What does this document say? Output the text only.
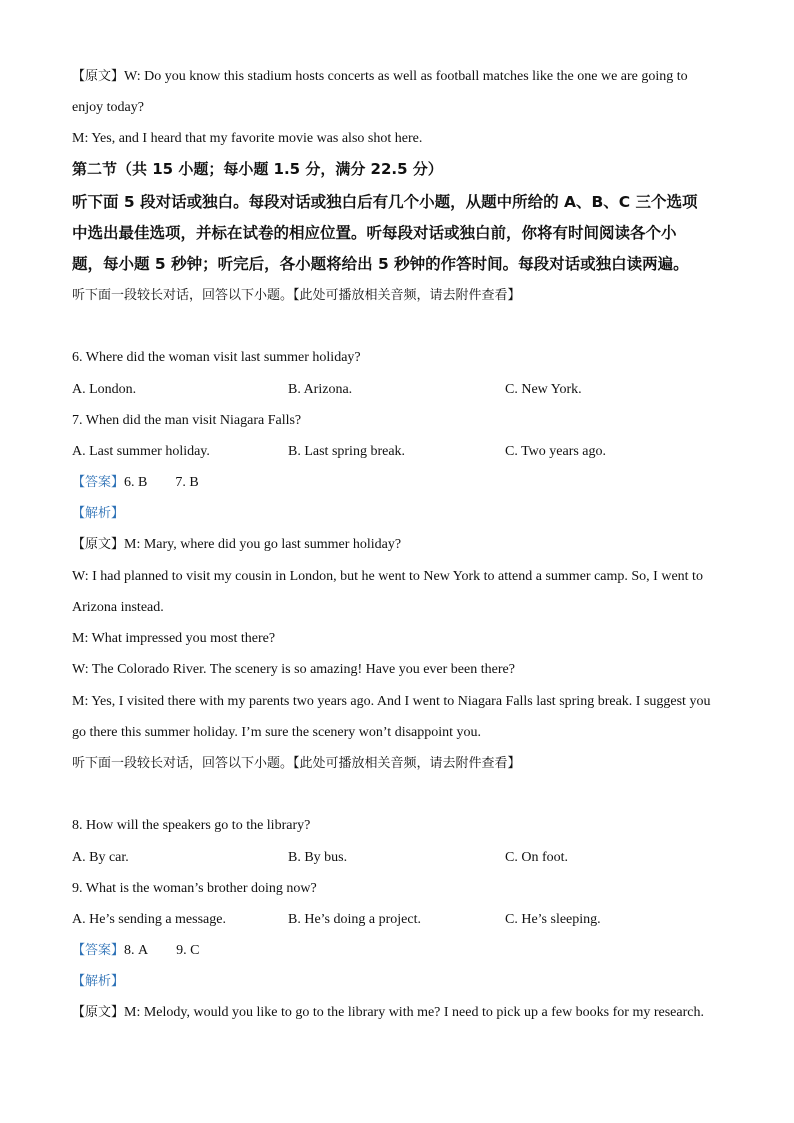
【原文】W: Do you know this stadium hosts concerts as well as football matches like the one we are going to
enjoy today?
M: Yes, and I heard that my favorite movie was also shot here.
第二节（共 15 小题；每小题 1.5 分，满分 22.5 分）
听下面 5 段对话或独白。每段对话或独白后有几个小题，从题中所给的 A、B、C 三个选项
中选出最佳选项，并标在试卷的相应位置。听每段对话或独白前，你将有时间阅读各个小
题，每小题 5 秒钟；听完后，各小题将给出 5 秒钟的作答时间。每段对话或独白读两遍。
听下面一段较长对话，回答以下小题。【此处可播放相关音频，请去附件查看】
6. Where did the woman visit last summer holiday?
A. London.	B. Arizona.	C. New York.
7. When did the man visit Niagara Falls?
A. Last summer holiday.	B. Last spring break.	C. Two years ago.
【答案】6. B 7. B
【解析】
【原文】M: Mary, where did you go last summer holiday?
W: I had planned to visit my cousin in London, but he went to New York to attend a summer camp. So, I went to
Arizona instead.
M: What impressed you most there?
W: The Colorado River. The scenery is so amazing! Have you ever been there?
M: Yes, I visited there with my parents two years ago. And I went to Niagara Falls last spring break. I suggest you
go there this summer holiday. I’m sure the scenery won’t disappoint you.
听下面一段较长对话，回答以下小题。【此处可播放相关音频，请去附件查看】
8. How will the speakers go to the library?
A. By car.	B. By bus.	C. On foot.
9. What is the woman’s brother doing now?
A. He’s sending a message.	B. He’s doing a project.	C. He’s sleeping.
【答案】8. A 9. C
【解析】
【原文】M: Melody, would you like to go to the library with me? I need to pick up a few books for my research.
